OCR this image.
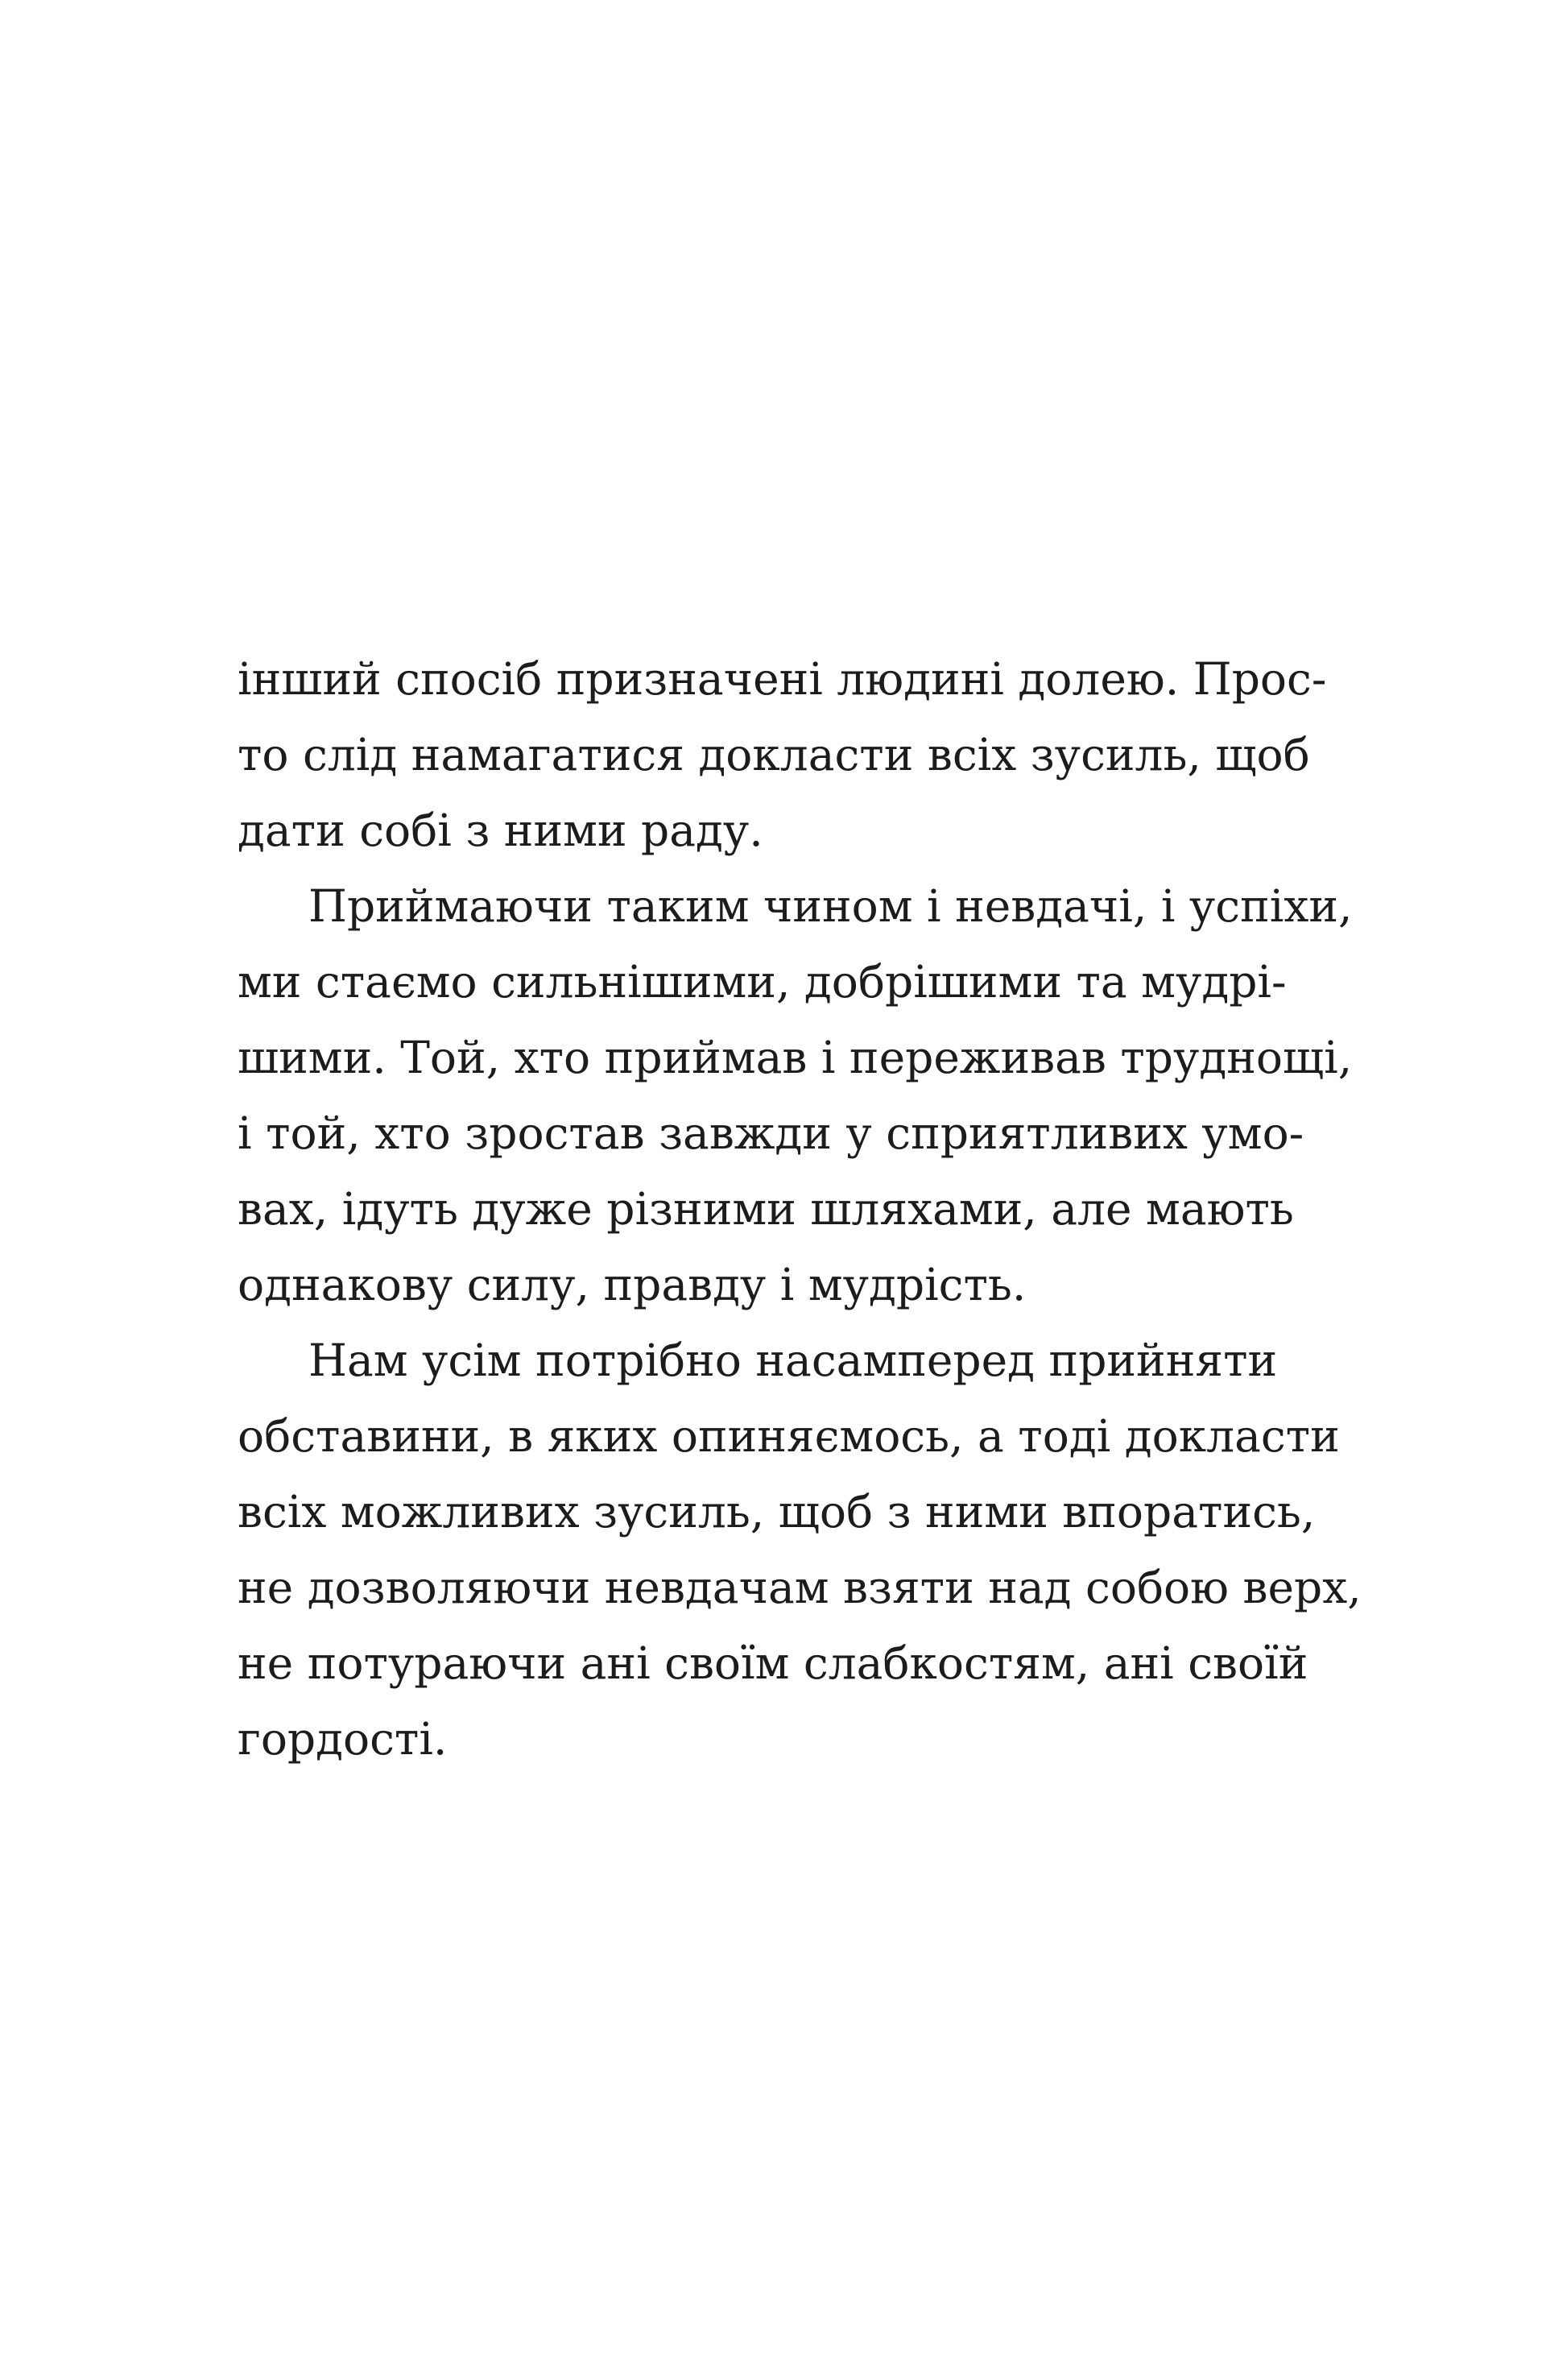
інший спосіб призначені людині долею. Прос-
то слід намагатися докласти всіх зусиль, щоб
дати собі з ними раду.
Приймаючи таким чином і невдачі, і успіхи,
ми стаємо сильнішими, добрішими та мудрі-
шими. Той, хто приймав і переживав труднощі,
і той, хто зростав завжди у сприятливих умо-
вах, ідуть дуже різними шляхами, але мають
однакову силу, правду і мудрість.
Нам усім потрібно насамперед прийняти
обставини, в яких опиняємось, а тоді докласти
всіх можливих зусиль, щоб з ними впоратись,
не дозволяючи невдачам взяти над собою верх,
не потураючи ані своїм слабкостям, ані своїй
гордості.
